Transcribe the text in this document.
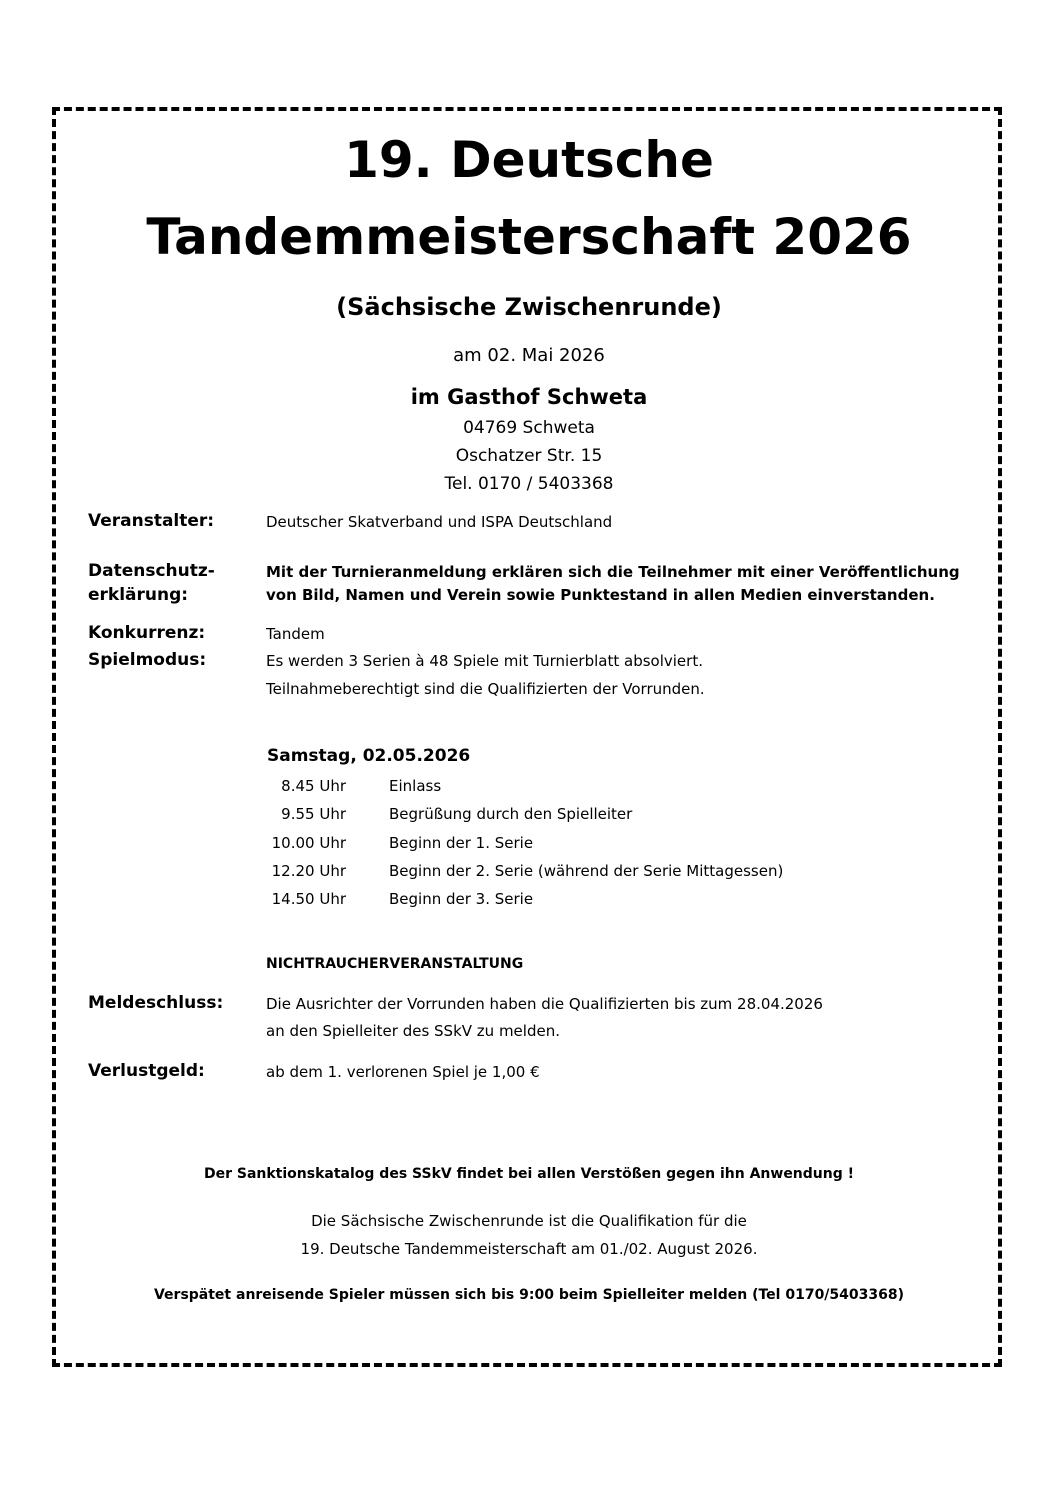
19. Deutsche
Tandemmeisterschaft 2026
(Sächsische Zwischenrunde)
am 02. Mai 2026
im Gasthof Schweta
04769 Schweta
Oschatzer Str. 15
Tel. 0170 / 5403368
Veranstalter:	Deutscher Skatverband und ISPA Deutschland
Datenschutz-
erklärung:
Mit der Turnieranmeldung erklären sich die Teilnehmer mit einer Veröffentlichung
von Bild, Namen und Verein sowie Punktestand in allen Medien einverstanden.
Konkurrenz:	Tandem
Spielmodus:	Es werden 3 Serien à 48 Spiele mit Turnierblatt absolviert.
Teilnahmeberechtigt sind die Qualifizierten der Vorrunden.
Samstag, 02.05.2026
8.45 Uhr	Einlass
9.55 Uhr	Begrüßung durch den Spielleiter
10.00 Uhr	Beginn der 1. Serie
12.20 Uhr	Beginn der 2. Serie (während der Serie Mittagessen)
14.50 Uhr	Beginn der 3. Serie
NICHTRAUCHERVERANSTALTUNG
Meldeschluss:	Die Ausrichter der Vorrunden haben die Qualifizierten bis zum 28.04.2026
an den Spielleiter des SSkV zu melden.
Verlustgeld:	ab dem 1. verlorenen Spiel je 1,00 €
Der Sanktionskatalog des SSkV findet bei allen Verstößen gegen ihn Anwendung !
Die Sächsische Zwischenrunde ist die Qualifikation für die
19. Deutsche Tandemmeisterschaft am 01./02. August 2026.
Verspätet anreisende Spieler müssen sich bis 9:00 beim Spielleiter melden (Tel 0170/5403368)
